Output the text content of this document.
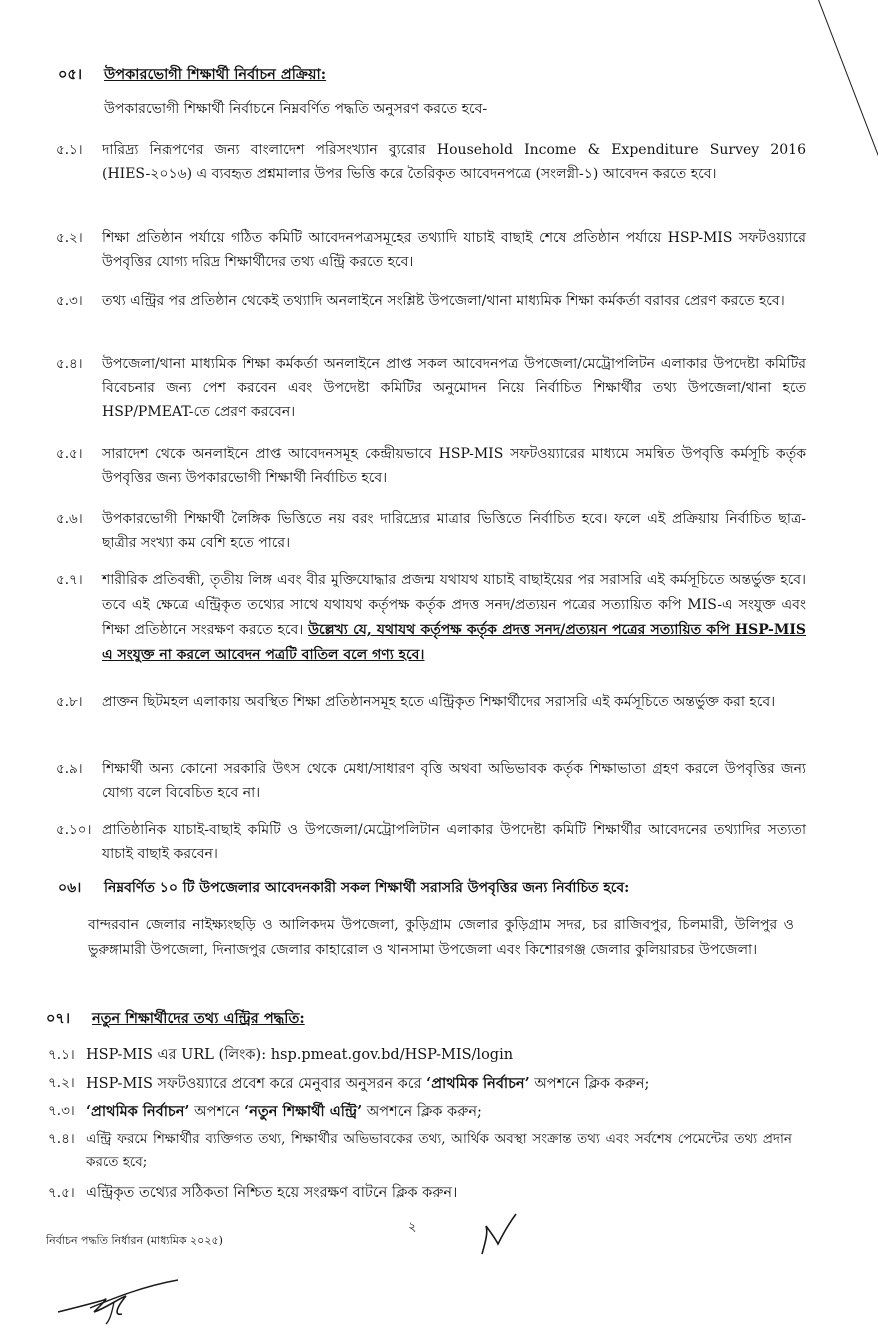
০৫। উপকারভোগী শিক্ষার্থী নির্বাচন প্রক্রিয়া:
উপকারভোগী শিক্ষার্থী নির্বাচনে নিম্নবর্ণিত পদ্ধতি অনুসরণ করতে হবে-
৫.১।	দারিদ্র্য নিরূপণের জন্য বাংলাদেশ পরিসংখ্যান ব্যুরোর Household Income & Expenditure Survey 2016 (HIES-২০১৬) এ ব্যবহৃত প্রশ্নমালার উপর ভিত্তি করে তৈরিকৃত আবেদনপত্রে (সংলগ্নী-১) আবেদন করতে হবে।
৫.২।	শিক্ষা প্রতিষ্ঠান পর্যায়ে গঠিত কমিটি আবেদনপত্রসমূহের তথ্যাদি যাচাই বাছাই শেষে প্রতিষ্ঠান পর্যায়ে HSP-MIS সফটওয়্যারে উপবৃত্তির যোগ্য দরিদ্র শিক্ষার্থীদের তথ্য এন্ট্রি করতে হবে।
৫.৩।	তথ্য এন্ট্রির পর প্রতিষ্ঠান থেকেই তথ্যাদি অনলাইনে সংশ্লিষ্ট উপজেলা/থানা মাধ্যমিক শিক্ষা কর্মকর্তা বরাবর প্রেরণ করতে হবে।
৫.৪।	উপজেলা/থানা মাধ্যমিক শিক্ষা কর্মকর্তা অনলাইনে প্রাপ্ত সকল আবেদনপত্র উপজেলা/মেট্রোপলিটন এলাকার উপদেষ্টা কমিটির বিবেচনার জন্য পেশ করবেন এবং উপদেষ্টা কমিটির অনুমোদন নিয়ে নির্বাচিত শিক্ষার্থীর তথ্য উপজেলা/থানা হতে HSP/PMEAT-তে প্রেরণ করবেন।
৫.৫।	সারাদেশ থেকে অনলাইনে প্রাপ্ত আবেদনসমূহ কেন্দ্রীয়ভাবে HSP-MIS সফটওয়্যারের মাধ্যমে সমন্বিত উপবৃত্তি কর্মসূচি কর্তৃক উপবৃত্তির জন্য উপকারভোগী শিক্ষার্থী নির্বাচিত হবে।
৫.৬।	উপকারভোগী শিক্ষার্থী লৈঙ্গিক ভিত্তিতে নয় বরং দারিদ্র্যের মাত্রার ভিত্তিতে নির্বাচিত হবে। ফলে এই প্রক্রিয়ায় নির্বাচিত ছাত্র-ছাত্রীর সংখ্যা কম বেশি হতে পারে।
৫.৭।	শারীরিক প্রতিবন্ধী, তৃতীয় লিঙ্গ এবং বীর মুক্তিযোদ্ধার প্রজন্ম যথাযথ যাচাই বাছাইয়ের পর সরাসরি এই কর্মসূচিতে অন্তর্ভুক্ত হবে। তবে এই ক্ষেত্রে এন্ট্রিকৃত তথ্যের সাথে যথাযথ কর্তৃপক্ষ কর্তৃক প্রদত্ত সনদ/প্রত্যয়ন পত্রের সত্যায়িত কপি MIS-এ সংযুক্ত এবং শিক্ষা প্রতিষ্ঠানে সংরক্ষণ করতে হবে। উল্লেখ্য যে, যথাযথ কর্তৃপক্ষ কর্তৃক প্রদত্ত সনদ/প্রত্যয়ন পত্রের সত্যায়িত কপি HSP-MIS এ সংযুক্ত না করলে আবেদন পত্রটি বাতিল বলে গণ্য হবে।
৫.৮।	প্রাক্তন ছিটমহল এলাকায় অবস্থিত শিক্ষা প্রতিষ্ঠানসমূহ হতে এন্ট্রিকৃত শিক্ষার্থীদের সরাসরি এই কর্মসূচিতে অন্তর্ভুক্ত করা হবে।
৫.৯।	শিক্ষার্থী অন্য কোনো সরকারি উৎস থেকে মেধা/সাধারণ বৃত্তি অথবা অভিভাবক কর্তৃক শিক্ষাভাতা গ্রহণ করলে উপবৃত্তির জন্য যোগ্য বলে বিবেচিত হবে না।
৫.১০। প্রাতিষ্ঠানিক যাচাই-বাছাই কমিটি ও উপজেলা/মেট্রোপলিটান এলাকার উপদেষ্টা কমিটি শিক্ষার্থীর আবেদনের তথ্যাদির সত্যতা যাচাই বাছাই করবেন।
০৬। নিম্নবর্ণিত ১০ টি উপজেলার আবেদনকারী সকল শিক্ষার্থী সরাসরি উপবৃত্তির জন্য নির্বাচিত হবে:
বান্দরবান জেলার নাইক্ষ্যংছড়ি ও আলিকদম উপজেলা, কুড়িগ্রাম জেলার কুড়িগ্রাম সদর, চর রাজিবপুর, চিলমারী, উলিপুর ও ভুরুঙ্গামারী উপজেলা, দিনাজপুর জেলার কাহারোল ও খানসামা উপজেলা এবং কিশোরগঞ্জ জেলার কুলিয়ারচর উপজেলা।
০৭। নতুন শিক্ষার্থীদের তথ্য এন্ট্রির পদ্ধতি:
৭.১। HSP-MIS এর URL (লিংক): hsp.pmeat.gov.bd/HSP-MIS/login
৭.২। HSP-MIS সফটওয়্যারে প্রবেশ করে মেনুবার অনুসরন করে ‘প্রাথমিক নির্বাচন’ অপশনে ক্লিক করুন;
৭.৩। ‘প্রাথমিক নির্বাচন’ অপশনে ‘নতুন শিক্ষার্থী এন্ট্রি’ অপশনে ক্লিক করুন;
৭.৪। এন্ট্রি ফরমে শিক্ষার্থীর ব্যক্তিগত তথ্য, শিক্ষার্থীর অভিভাবকের তথ্য, আর্থিক অবস্থা সংক্রান্ত তথ্য এবং সর্বশেষ পেমেন্টের তথ্য প্রদান করতে হবে;
৭.৫। এন্ট্রিকৃত তথ্যের সঠিকতা নিশ্চিত হয়ে সংরক্ষণ বাটনে ক্লিক করুন।
২
নির্বাচন পদ্ধতি নির্ধারন (মাধ্যমিক ২০২৫)
